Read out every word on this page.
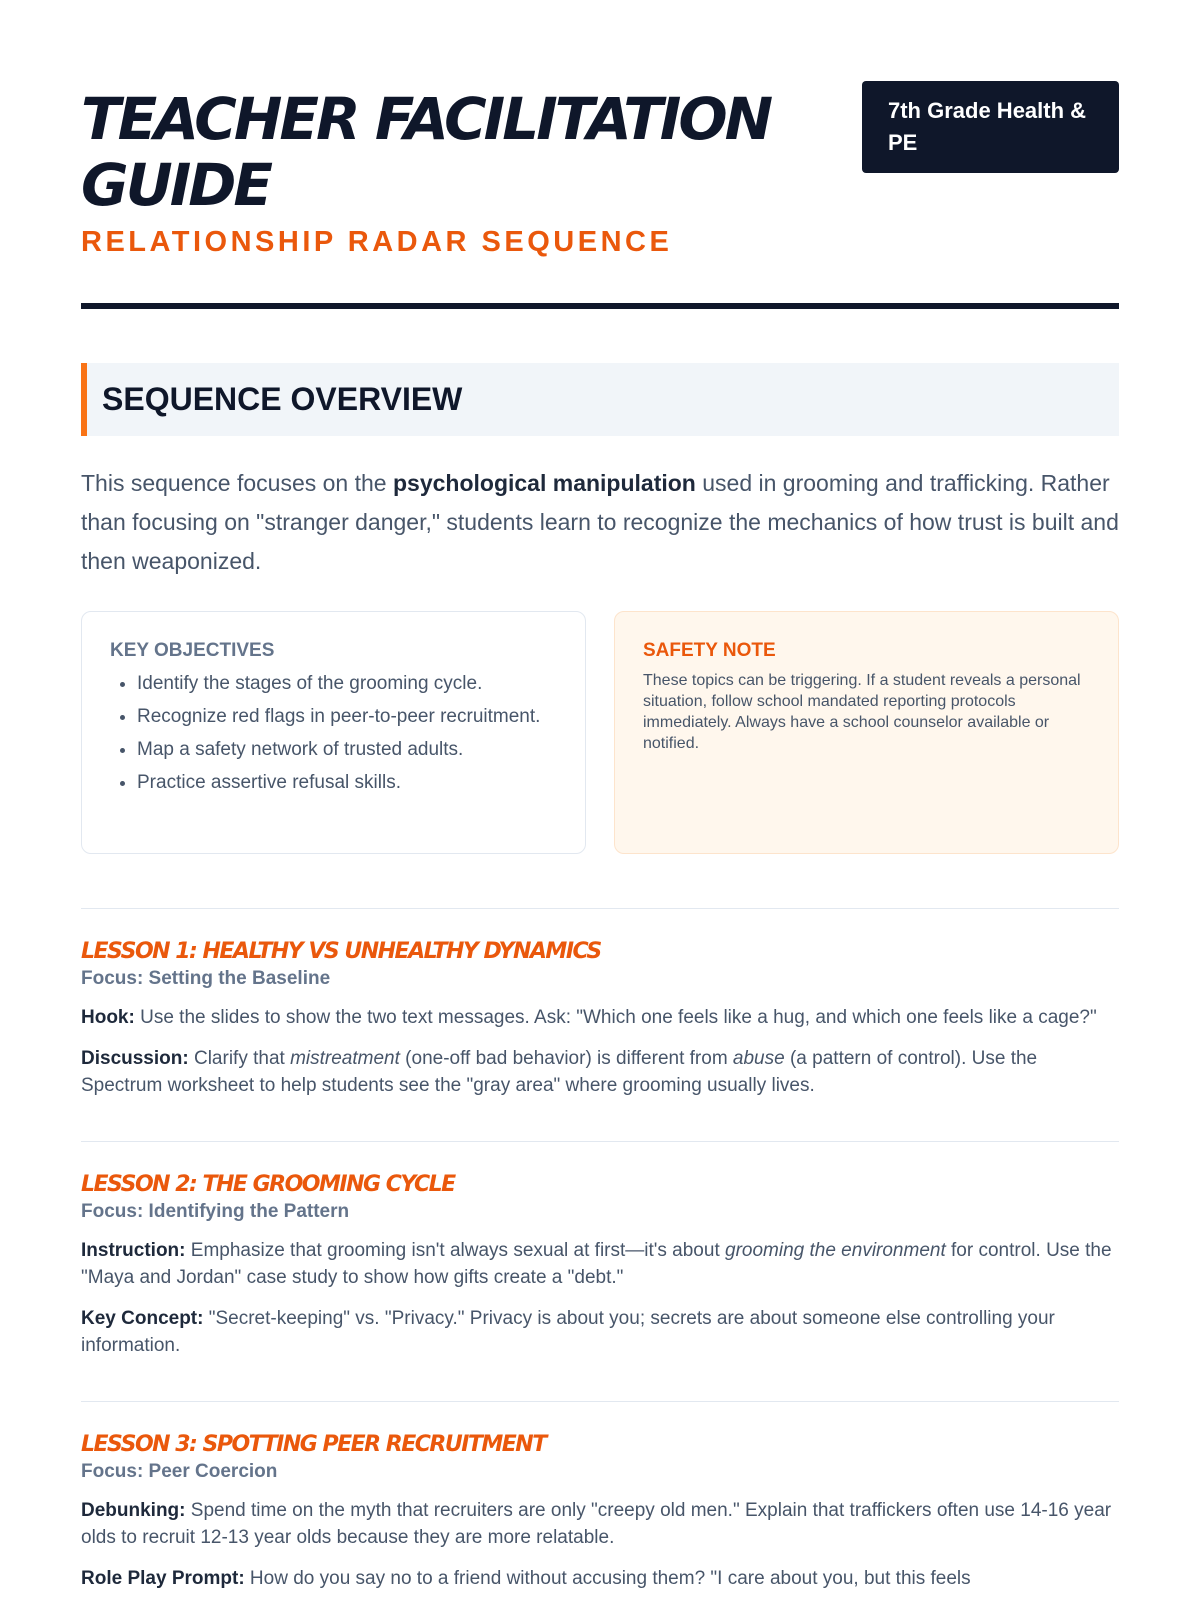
TEACHER FACILITATION GUIDE
7th Grade Health & PE
RELATIONSHIP RADAR SEQUENCE
SEQUENCE OVERVIEW

This sequence focuses on the psychological manipulation used in grooming and trafficking. Rather than focusing on "stranger danger," students learn to recognize the mechanics of how trust is built and then weaponized.

KEY OBJECTIVES
• Identify the stages of the grooming cycle.
• Recognize red flags in peer-to-peer recruitment.
• Map a safety network of trusted adults.
• Practice assertive refusal skills.
SAFETY NOTE

These topics can be triggering. If a student reveals a personal situation, follow school mandated reporting protocols immediately. Always have a school counselor available or notified.

LESSON 1: HEALTHY VS UNHEALTHY DYNAMICS
Focus: Setting the Baseline

Hook: Use the slides to show the two text messages. Ask: "Which one feels like a hug, and which one feels like a cage?"

Discussion: Clarify that mistreatment (one-off bad behavior) is different from abuse (a pattern of control). Use the Spectrum worksheet to help students see the "gray area" where grooming usually lives.

LESSON 2: THE GROOMING CYCLE
Focus: Identifying the Pattern

Instruction: Emphasize that grooming isn't always sexual at first—it's about grooming the environment for control. Use the "Maya and Jordan" case study to show how gifts create a "debt."

Key Concept: "Secret-keeping" vs. "Privacy." Privacy is about you; secrets are about someone else controlling your information.

LESSON 3: SPOTTING PEER RECRUITMENT
Focus: Peer Coercion

Debunking: Spend time on the myth that recruiters are only "creepy old men." Explain that traffickers often use 14-16 year olds to recruit 12-13 year olds because they are more relatable.

Role Play Prompt: How do you say no to a friend without accusing them? "I care about you, but this feels
